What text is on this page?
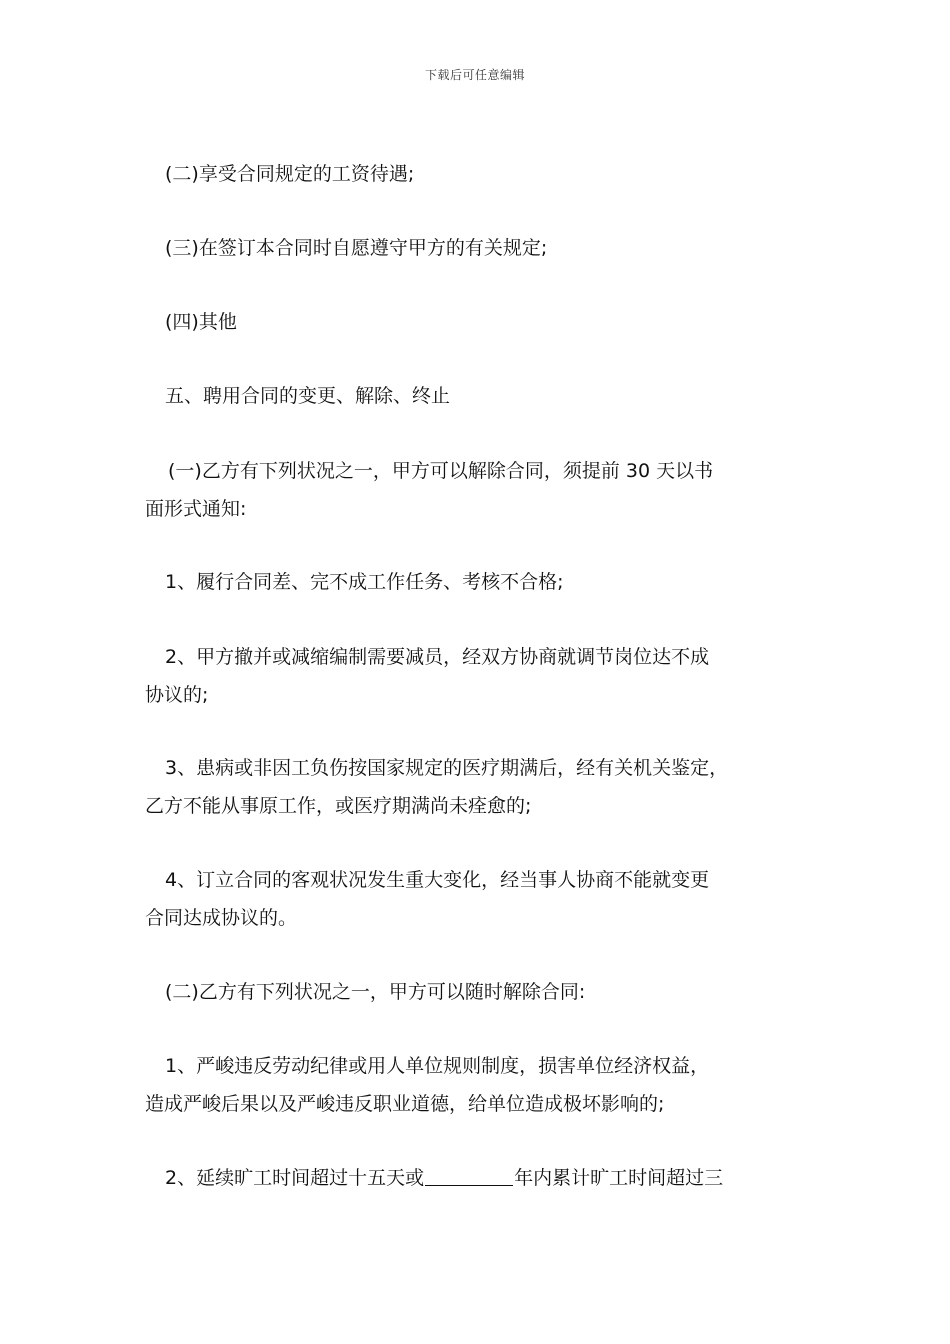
下载后可任意编辑
(二)享受合同规定的工资待遇;
(三)在签订本合同时自愿遵守甲方的有关规定;
(四)其他
五、聘用合同的变更、解除、终止
(一)乙方有下列状况之一，甲方可以解除合同，须提前 30 天以书
面形式通知:
1、履行合同差、完不成工作任务、考核不合格;
2、甲方撤并或减缩编制需要减员，经双方协商就调节岗位达不成
协议的;
3、患病或非因工负伤按国家规定的医疗期满后，经有关机关鉴定，
乙方不能从事原工作，或医疗期满尚未痊愈的;
4、订立合同的客观状况发生重大变化，经当事人协商不能就变更
合同达成协议的。
(二)乙方有下列状况之一，甲方可以随时解除合同:
1、严峻违反劳动纪律或用人单位规则制度，损害单位经济权益，
造成严峻后果以及严峻违反职业道德，给单位造成极坏影响的;
2、延续旷工时间超过十五天或	年内累计旷工时间超过三
